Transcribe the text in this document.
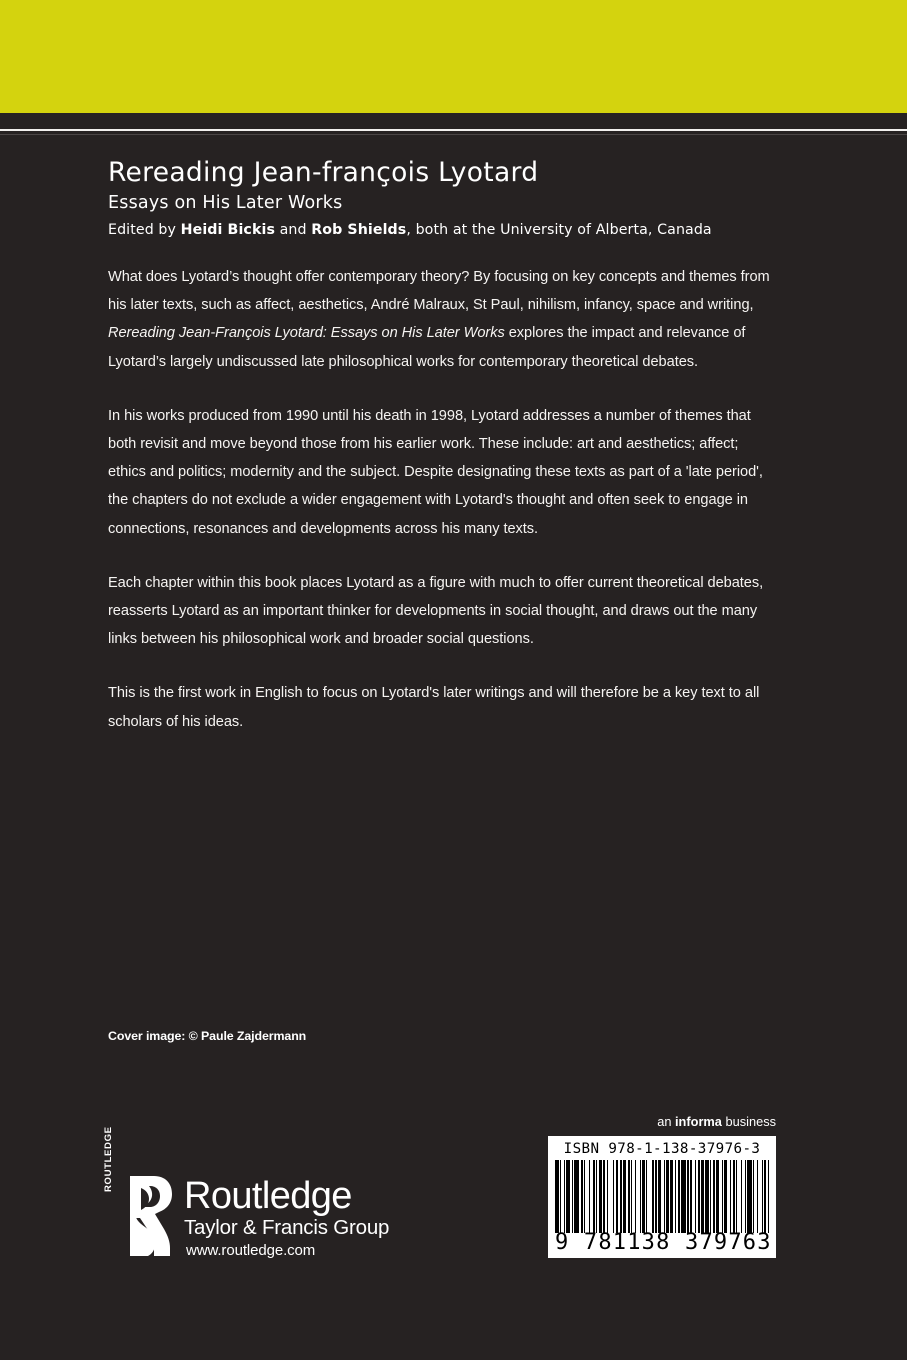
Rereading Jean-françois Lyotard
Essays on His Later Works

Edited by Heidi Bickis and Rob Shields, both at the University of Alberta, Canada

What does Lyotard’s thought offer contemporary theory? By focusing on key concepts and themes from his later texts, such as affect, aesthetics, André Malraux, St Paul, nihilism, infancy, space and writing, Rereading Jean-François Lyotard: Essays on His Later Works explores the impact and relevance of Lyotard’s largely undiscussed late philosophical works for contemporary theoretical debates.

In his works produced from 1990 until his death in 1998, Lyotard addresses a number of themes that both revisit and move beyond those from his earlier work. These include: art and aesthetics; affect; ethics and politics; modernity and the subject. Despite designating these texts as part of a 'late period', the chapters do not exclude a wider engagement with Lyotard's thought and often seek to engage in connections, resonances and developments across his many texts.

Each chapter within this book places Lyotard as a figure with much to offer current theoretical debates, reasserts Lyotard as an important thinker for developments in social thought, and draws out the many links between his philosophical work and broader social questions.

This is the first work in English to focus on Lyotard's later writings and will therefore be a key text to all scholars of his ideas.

Cover image: © Paule Zajdermann
an informa business
ISBN 978-1-138-37976-3
9 781138 379763
ROUTLEDGE
Routledge
Taylor & Francis Group
www.routledge.com
